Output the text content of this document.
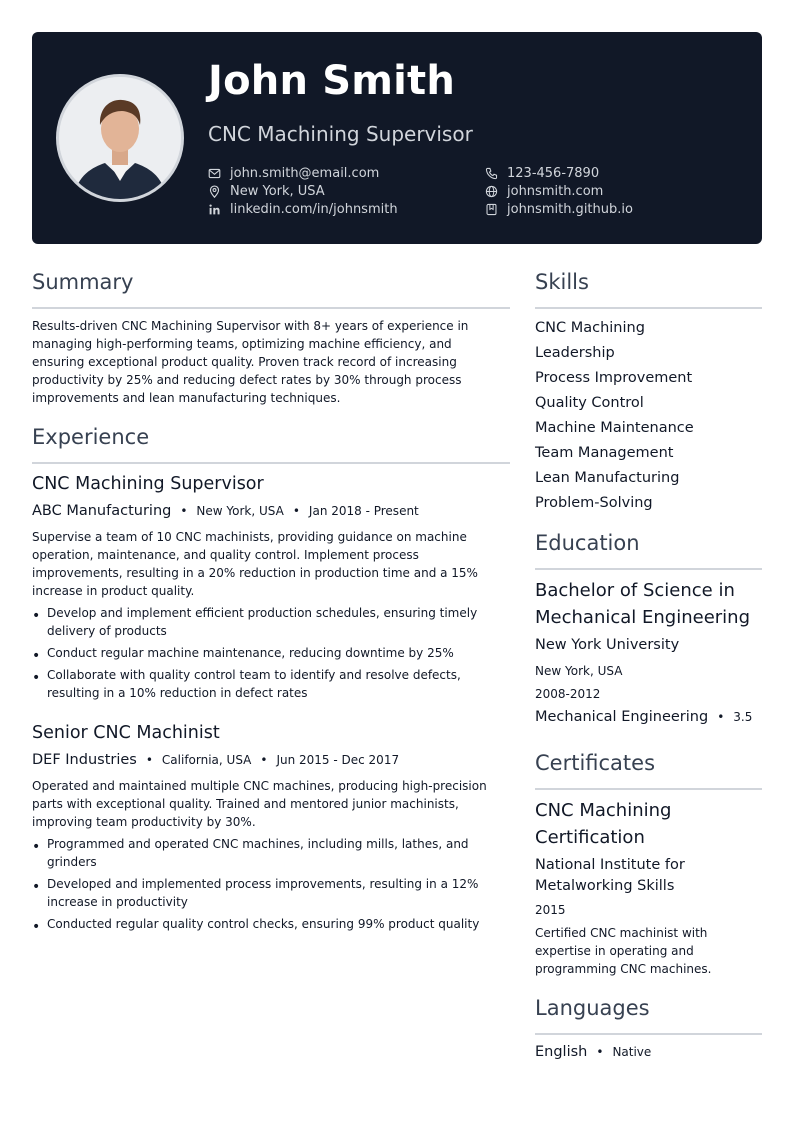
John Smith
CNC Machining Supervisor
john.smith@email.com	123-456-7890
New York, USA	johnsmith.com
linkedin.com/in/johnsmith	johnsmith.github.io
Summary
Results-driven CNC Machining Supervisor with 8+ years of experience in managing high-performing teams, optimizing machine efficiency, and ensuring exceptional product quality. Proven track record of increasing productivity by 25% and reducing defect rates by 30% through process improvements and lean manufacturing techniques.
Experience
CNC Machining Supervisor
ABC Manufacturing • New York, USA • Jan 2018 - Present
Supervise a team of 10 CNC machinists, providing guidance on machine operation, maintenance, and quality control. Implement process improvements, resulting in a 20% reduction in production time and a 15% increase in product quality.
• Develop and implement efficient production schedules, ensuring timely delivery of products
• Conduct regular machine maintenance, reducing downtime by 25%
• Collaborate with quality control team to identify and resolve defects, resulting in a 10% reduction in defect rates
Senior CNC Machinist
DEF Industries • California, USA • Jun 2015 - Dec 2017
Operated and maintained multiple CNC machines, producing high-precision parts with exceptional quality. Trained and mentored junior machinists, improving team productivity by 30%.
• Programmed and operated CNC machines, including mills, lathes, and grinders
• Developed and implemented process improvements, resulting in a 12% increase in productivity
• Conducted regular quality control checks, ensuring 99% product quality
Skills
CNC Machining
Leadership
Process Improvement
Quality Control
Machine Maintenance
Team Management
Lean Manufacturing
Problem-Solving
Education
Bachelor of Science in
Mechanical Engineering
New York University
New York, USA
2008-2012
Mechanical Engineering • 3.5
Certificates
CNC Machining
Certification
National Institute for
Metalworking Skills
2015
Certified CNC machinist with expertise in operating and programming CNC machines.
Languages
English • Native
